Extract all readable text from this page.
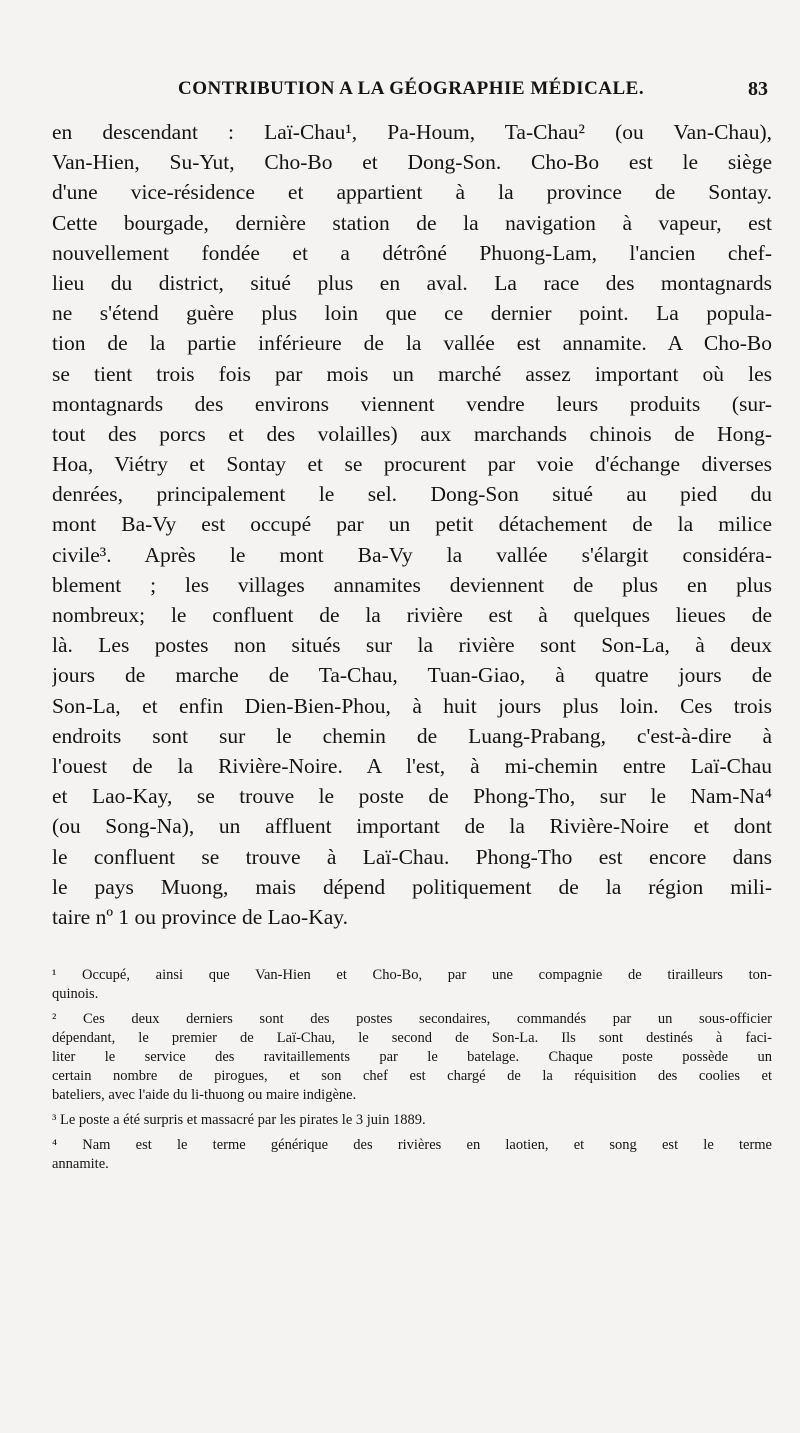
CONTRIBUTION A LA GÉOGRAPHIE MÉDICALE.	83
en descendant : Laï-Chau¹, Pa-Houm, Ta-Chau² (ou Van-Chau),
Van-Hien, Su-Yut, Cho-Bo et Dong-Son. Cho-Bo est le siège
d'une vice-résidence et appartient à la province de Sontay.
Cette bourgade, dernière station de la navigation à vapeur, est
nouvellement fondée et a détrôné Phuong-Lam, l'ancien chef-
lieu du district, situé plus en aval. La race des montagnards
ne s'étend guère plus loin que ce dernier point. La popula-
tion de la partie inférieure de la vallée est annamite. A Cho-Bo
se tient trois fois par mois un marché assez important où les
montagnards des environs viennent vendre leurs produits (sur-
tout des porcs et des volailles) aux marchands chinois de Hong-
Hoa, Viétry et Sontay et se procurent par voie d'échange diverses
denrées, principalement le sel. Dong-Son situé au pied du
mont Ba-Vy est occupé par un petit détachement de la milice
civile³. Après le mont Ba-Vy la vallée s'élargit considéra-
blement ; les villages annamites deviennent de plus en plus
nombreux; le confluent de la rivière est à quelques lieues de
là. Les postes non situés sur la rivière sont Son-La, à deux
jours de marche de Ta-Chau, Tuan-Giao, à quatre jours de
Son-La, et enfin Dien-Bien-Phou, à huit jours plus loin. Ces trois
endroits sont sur le chemin de Luang-Prabang, c'est-à-dire à
l'ouest de la Rivière-Noire. A l'est, à mi-chemin entre Laï-Chau
et Lao-Kay, se trouve le poste de Phong-Tho, sur le Nam-Na⁴
(ou Song-Na), un affluent important de la Rivière-Noire et dont
le confluent se trouve à Laï-Chau. Phong-Tho est encore dans
le pays Muong, mais dépend politiquement de la région mili-
taire nº 1 ou province de Lao-Kay.
¹ Occupé, ainsi que Van-Hien et Cho-Bo, par une compagnie de tirailleurs ton-
quinois.
² Ces deux derniers sont des postes secondaires, commandés par un sous-officier
dépendant, le premier de Laï-Chau, le second de Son-La. Ils sont destinés à faci-
liter le service des ravitaillements par le batelage. Chaque poste possède un
certain nombre de pirogues, et son chef est chargé de la réquisition des coolies et
bateliers, avec l'aide du li-thuong ou maire indigène.
³ Le poste a été surpris et massacré par les pirates le 3 juin 1889.
⁴ Nam est le terme générique des rivières en laotien, et song est le terme
annamite.
